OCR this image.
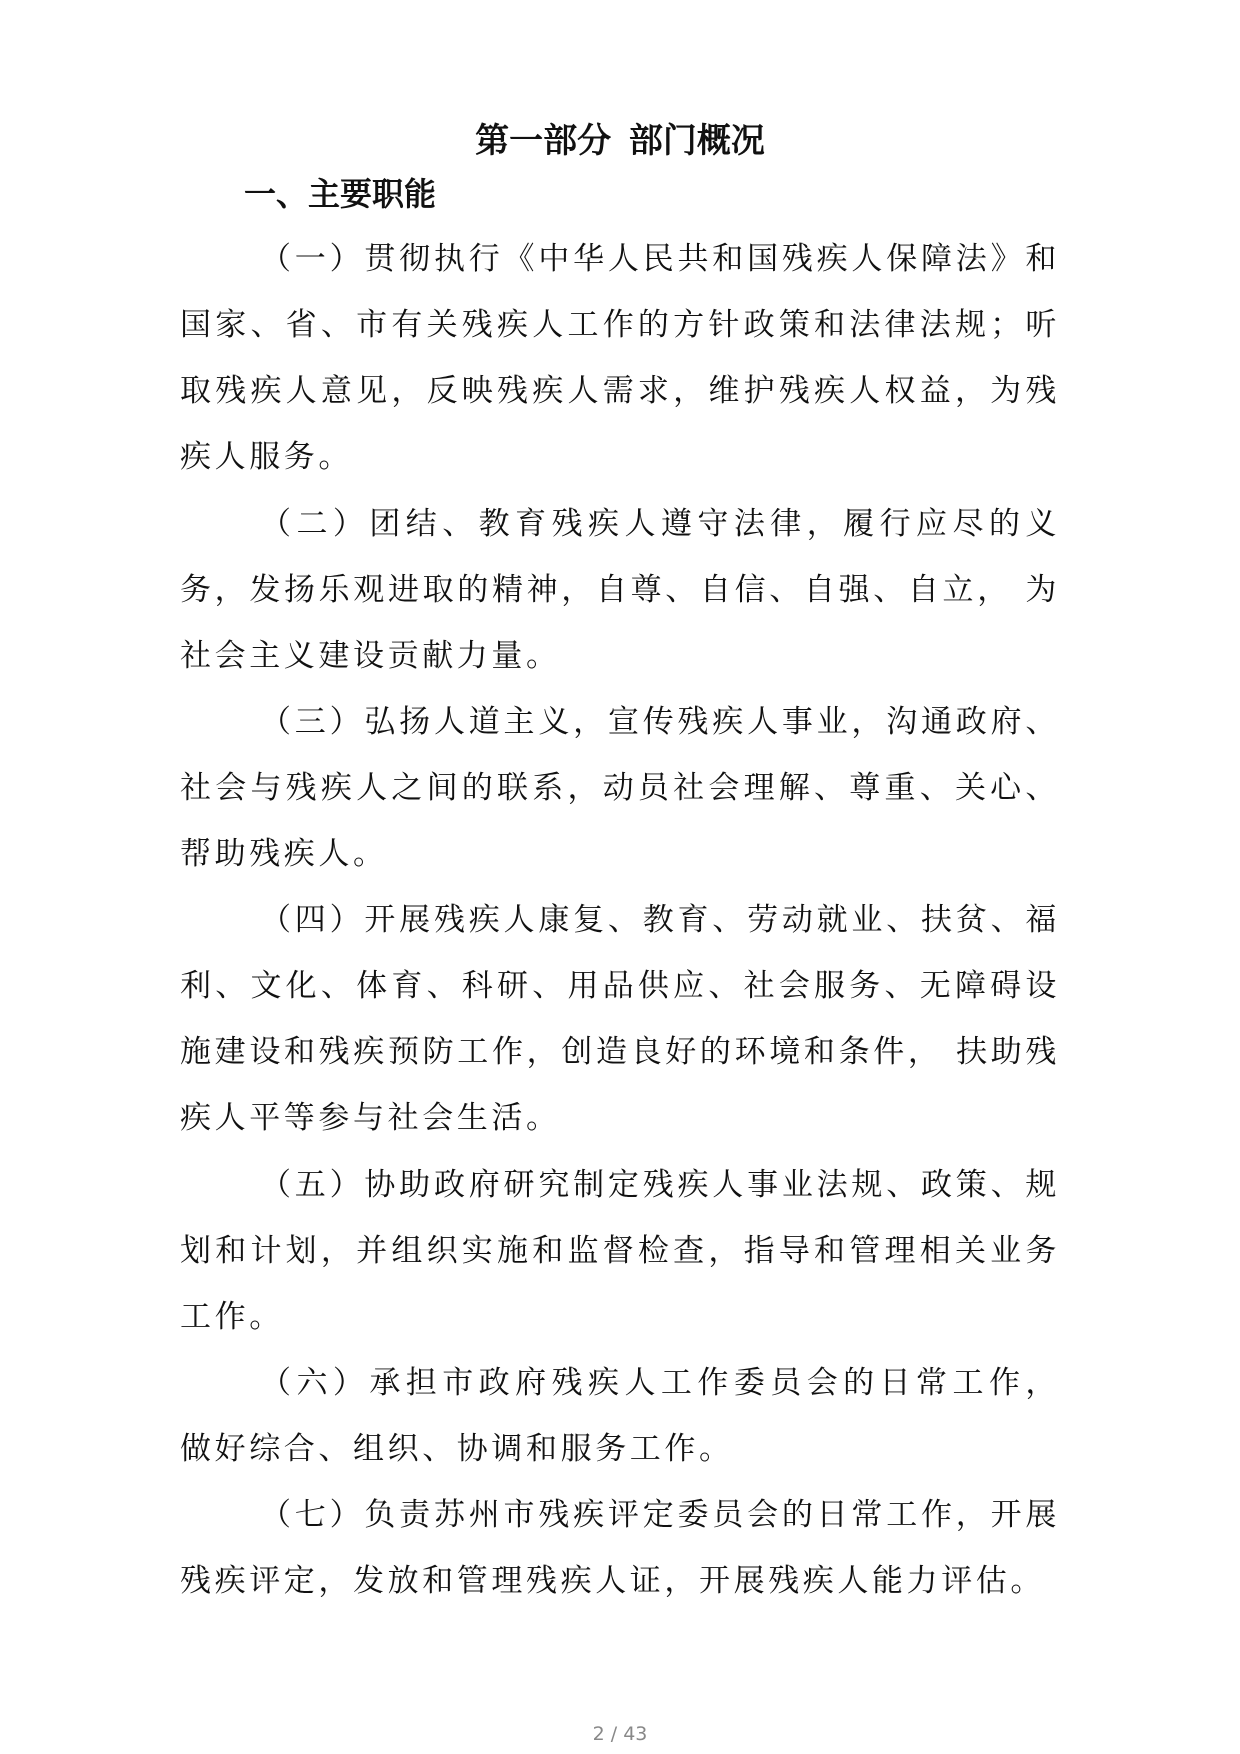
第一部分 部门概况
一、主要职能

（一）贯彻执行《中华人民共和国残疾人保障法》和国家、省、市有关残疾人工作的方针政策和法律法规；听取残疾人意见，反映残疾人需求，维护残疾人权益，为残疾人服务。

（二）团结、教育残疾人遵守法律，履行应尽的义务，发扬乐观进取的精神，自尊、自信、自强、自立， 为社会主义建设贡献力量。

（三）弘扬人道主义，宣传残疾人事业，沟通政府、社会与残疾人之间的联系，动员社会理解、尊重、关心、帮助残疾人。

（四）开展残疾人康复、教育、劳动就业、扶贫、福利、文化、体育、科研、用品供应、社会服务、无障碍设施建设和残疾预防工作，创造良好的环境和条件， 扶助残疾人平等参与社会生活。

（五）协助政府研究制定残疾人事业法规、政策、规划和计划，并组织实施和监督检查，指导和管理相关业务工作。

（六）承担市政府残疾人工作委员会的日常工作， 做好综合、组织、协调和服务工作。

（七）负责苏州市残疾评定委员会的日常工作，开展残疾评定，发放和管理残疾人证，开展残疾人能力评估。

2 / 43
